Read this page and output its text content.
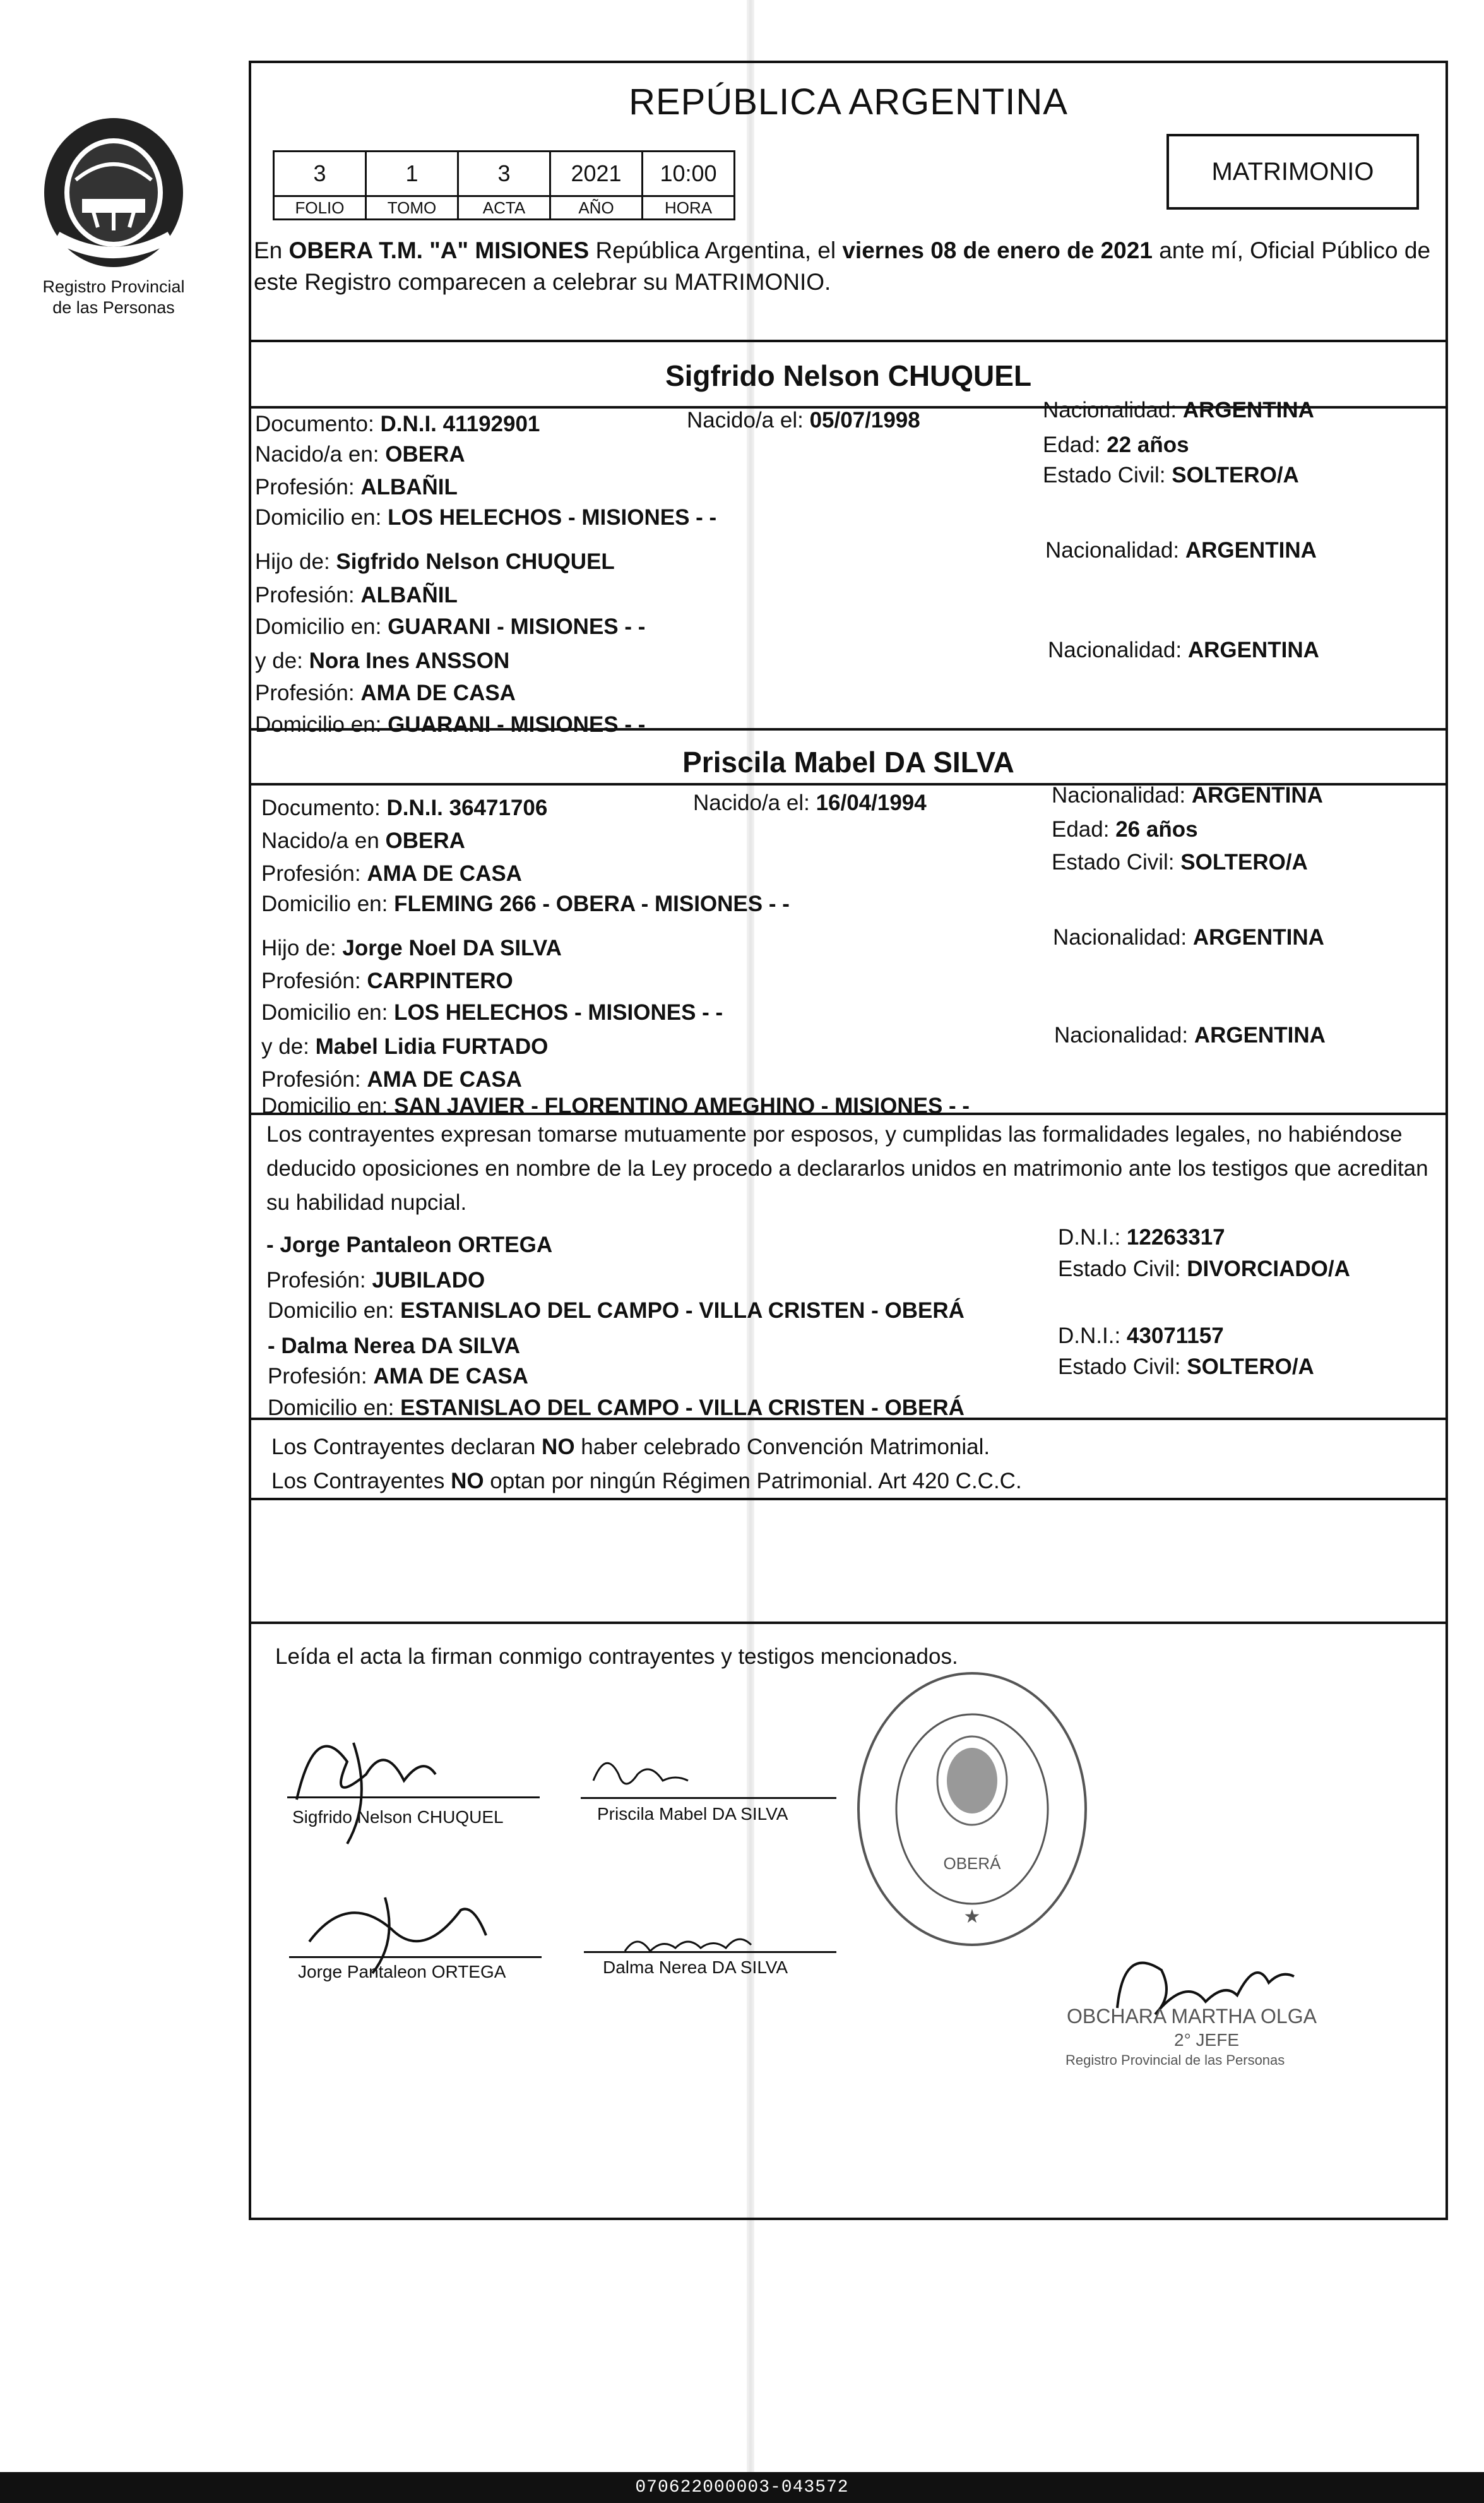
Registro Provincial
de las Personas
REPÚBLICA ARGENTINA
3	1	3	2021	10:00
FOLIO	TOMO	ACTA	AÑO	HORA
MATRIMONIO
En OBERA T.M. "A" MISIONES República Argentina, el viernes 08 de enero de 2021 ante mí, Oficial Público de este Registro comparecen a celebrar su MATRIMONIO.
Sigfrido Nelson CHUQUEL
Documento: D.N.I. 41192901	Nacido/a el: 05/07/1998	Nacionalidad: ARGENTINA
Nacido/a en: OBERA	Edad: 22 años
Profesión: ALBAÑIL	Estado Civil: SOLTERO/A
Domicilio en: LOS HELECHOS - MISIONES - -
Hijo de: Sigfrido Nelson CHUQUEL	Nacionalidad: ARGENTINA
Profesión: ALBAÑIL
Domicilio en: GUARANI - MISIONES - -
y de: Nora Ines ANSSON	Nacionalidad: ARGENTINA
Profesión: AMA DE CASA
Domicilio en: GUARANI - MISIONES - -
Priscila Mabel DA SILVA
Documento: D.N.I. 36471706	Nacido/a el: 16/04/1994	Nacionalidad: ARGENTINA
Nacido/a en OBERA	Edad: 26 años
Profesión: AMA DE CASA	Estado Civil: SOLTERO/A
Domicilio en: FLEMING 266 - OBERA - MISIONES - -
Hijo de: Jorge Noel DA SILVA	Nacionalidad: ARGENTINA
Profesión: CARPINTERO
Domicilio en: LOS HELECHOS - MISIONES - -
y de: Mabel Lidia FURTADO	Nacionalidad: ARGENTINA
Profesión: AMA DE CASA
Domicilio en: SAN JAVIER - FLORENTINO AMEGHINO - MISIONES - -
Los contrayentes expresan tomarse mutuamente por esposos, y cumplidas las formalidades legales, no habiéndose deducido oposiciones en nombre de la Ley procedo a declararlos unidos en matrimonio ante los testigos que acreditan su habilidad nupcial.
- Jorge Pantaleon ORTEGA	D.N.I.: 12263317
Profesión: JUBILADO	Estado Civil: DIVORCIADO/A
Domicilio en: ESTANISLAO DEL CAMPO - VILLA CRISTEN - OBERÁ
- Dalma Nerea DA SILVA	D.N.I.: 43071157
Profesión: AMA DE CASA	Estado Civil: SOLTERO/A
Domicilio en: ESTANISLAO DEL CAMPO - VILLA CRISTEN - OBERÁ
Los Contrayentes declaran NO haber celebrado Convención Matrimonial.
Los Contrayentes NO optan por ningún Régimen Patrimonial. Art 420 C.C.C.
Leída el acta la firman conmigo contrayentes y testigos mencionados.
Sigfrido Nelson CHUQUEL	Priscila Mabel DA SILVA
Jorge Pantaleon ORTEGA	Dalma Nerea DA SILVA
OBERÁ
★
OBCHARA MARTHA OLGA
2° JEFE
Registro Provincial de las Personas
070622000003-043572
